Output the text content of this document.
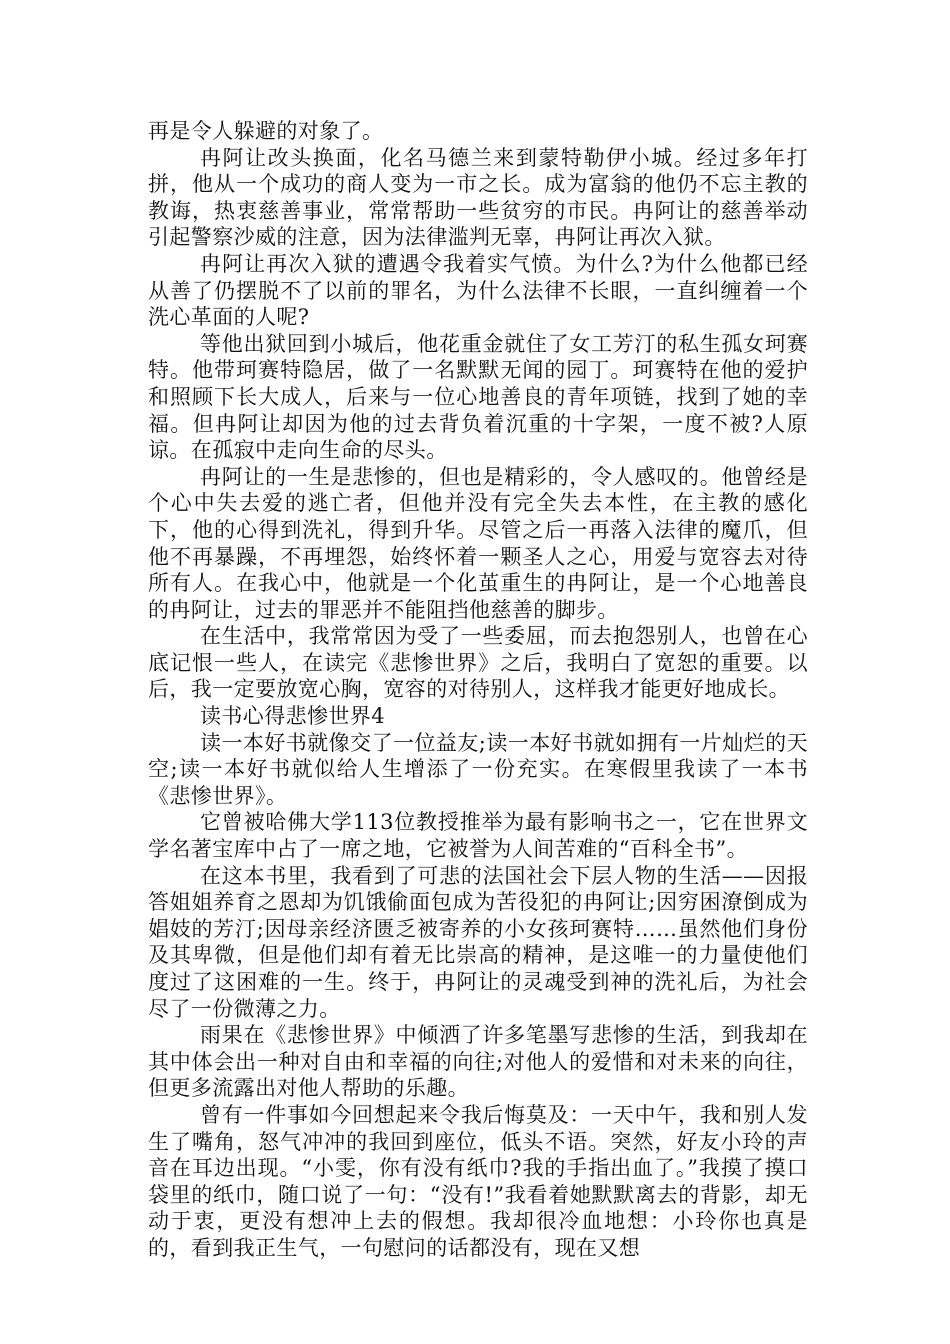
再是令人躲避的对象了。

冉阿让改头换面，化名马德兰来到蒙特勒伊小城。经过多年打拼，他从一个成功的商人变为一市之长。成为富翁的他仍不忘主教的教诲，热衷慈善事业，常常帮助一些贫穷的市民。冉阿让的慈善举动引起警察沙威的注意，因为法律滥判无辜，冉阿让再次入狱。

冉阿让再次入狱的遭遇令我着实气愤。为什么?为什么他都已经从善了仍摆脱不了以前的罪名，为什么法律不长眼，一直纠缠着一个洗心革面的人呢?

等他出狱回到小城后，他花重金就住了女工芳汀的私生孤女珂赛特。他带珂赛特隐居，做了一名默默无闻的园丁。珂赛特在他的爱护和照顾下长大成人，后来与一位心地善良的青年项链，找到了她的幸福。但冉阿让却因为他的过去背负着沉重的十字架，一度不被?人原谅。在孤寂中走向生命的尽头。

冉阿让的一生是悲惨的，但也是精彩的，令人感叹的。他曾经是个心中失去爱的逃亡者，但他并没有完全失去本性，在主教的感化下，他的心得到洗礼，得到升华。尽管之后一再落入法律的魔爪，但他不再暴躁，不再埋怨，始终怀着一颗圣人之心，用爱与宽容去对待所有人。在我心中，他就是一个化茧重生的冉阿让，是一个心地善良的冉阿让，过去的罪恶并不能阻挡他慈善的脚步。

在生活中，我常常因为受了一些委屈，而去抱怨别人，也曾在心底记恨一些人，在读完《悲惨世界》之后，我明白了宽恕的重要。以后，我一定要放宽心胸，宽容的对待别人，这样我才能更好地成长。

读书心得悲惨世界4

读一本好书就像交了一位益友;读一本好书就如拥有一片灿烂的天空;读一本好书就似给人生增添了一份充实。在寒假里我读了一本书《悲惨世界》。

它曾被哈佛大学113位教授推举为最有影响书之一，它在世界文学名著宝库中占了一席之地，它被誉为人间苦难的“百科全书”。

在这本书里，我看到了可悲的法国社会下层人物的生活——因报答姐姐养育之恩却为饥饿偷面包成为苦役犯的冉阿让;因穷困潦倒成为娼妓的芳汀;因母亲经济匮乏被寄养的小女孩珂赛特……虽然他们身份及其卑微，但是他们却有着无比崇高的精神，是这唯一的力量使他们度过了这困难的一生。终于，冉阿让的灵魂受到神的洗礼后，为社会尽了一份微薄之力。

雨果在《悲惨世界》中倾洒了许多笔墨写悲惨的生活，到我却在其中体会出一种对自由和幸福的向往;对他人的爱惜和对未来的向往，但更多流露出对他人帮助的乐趣。

曾有一件事如今回想起来令我后悔莫及：一天中午，我和别人发生了嘴角，怒气冲冲的我回到座位，低头不语。突然，好友小玲的声音在耳边出现。“小雯，你有没有纸巾?我的手指出血了。”我摸了摸口袋里的纸巾，随口说了一句：“没有!”我看着她默默离去的背影，却无动于衷，更没有想冲上去的假想。我却很冷血地想：小玲你也真是的，看到我正生气，一句慰问的话都没有，现在又想
